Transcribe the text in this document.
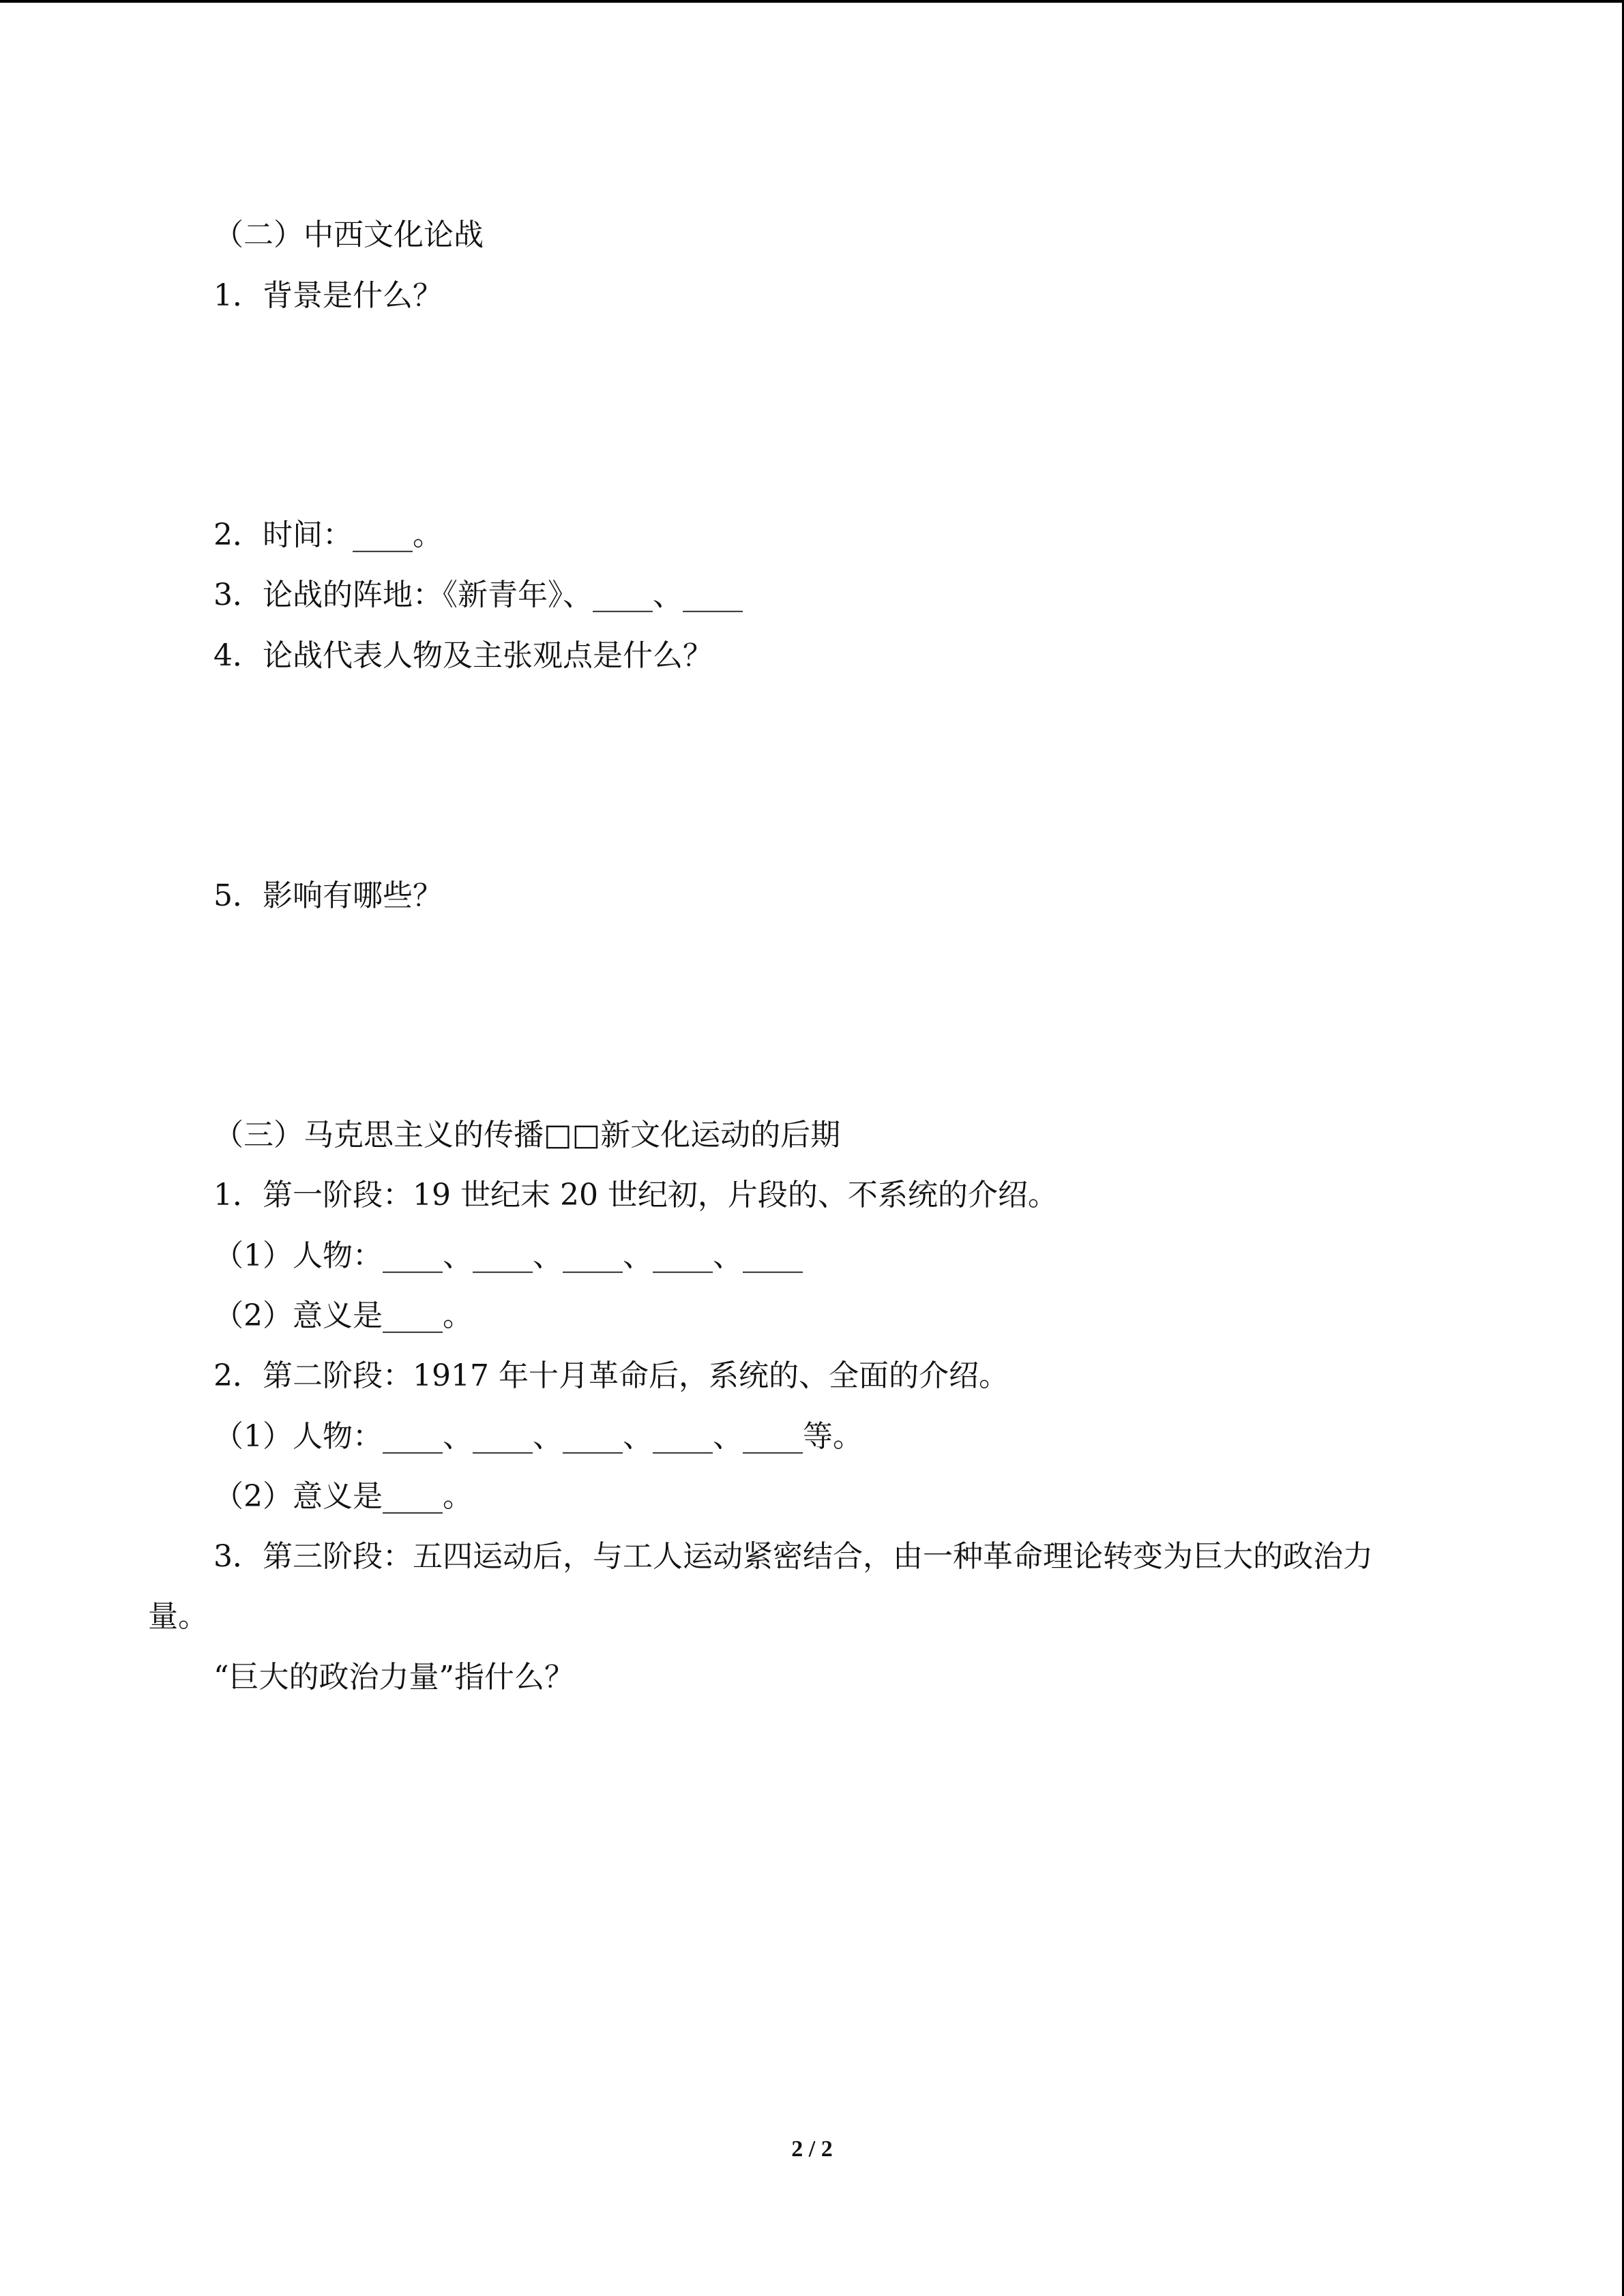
（二）中西文化论战
1．背景是什么？
2．时间：____。
3．论战的阵地：《新青年》、____、____
4．论战代表人物及主张观点是什么？
5．影响有哪些？
（三）马克思主义的传播□□新文化运动的后期
1．第一阶段：19 世纪末 20 世纪初，片段的、不系统的介绍。
（1）人物：____、____、____、____、____
（2）意义是____。
2．第二阶段：1917 年十月革命后，系统的、全面的介绍。
（1）人物：____、____、____、____、____等。
（2）意义是____。
3．第三阶段：五四运动后，与工人运动紧密结合，由一种革命理论转变为巨大的政治力
量。
“巨大的政治力量”指什么？
2 / 2
